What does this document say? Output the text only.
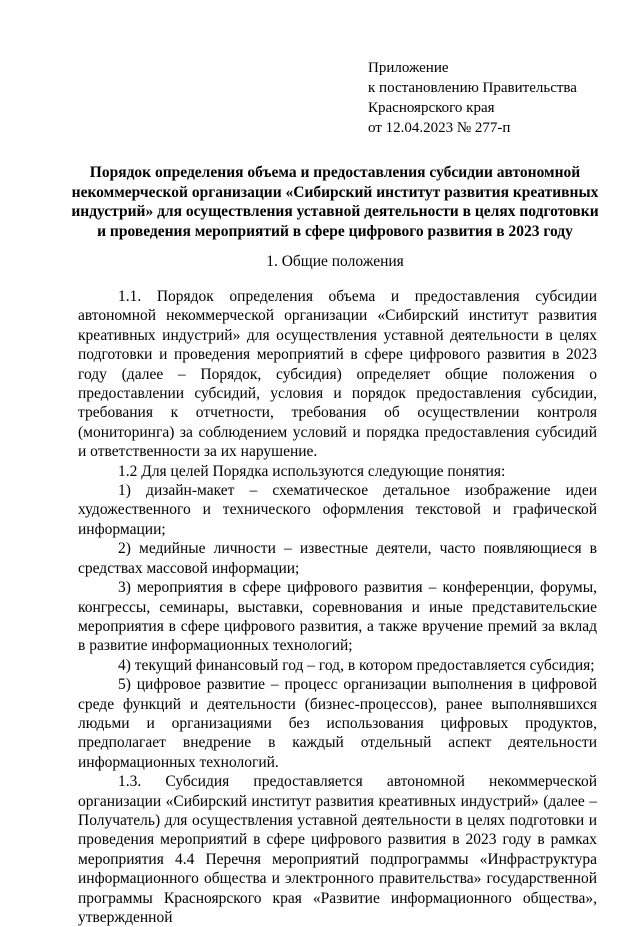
Приложение
к постановлению Правительства
Красноярского края
от 12.04.2023 № 277-п
Порядок определения объема и предоставления субсидии автономной некоммерческой организации «Сибирский институт развития креативных индустрий» для осуществления уставной деятельности в целях подготовки и проведения мероприятий в сфере цифрового развития в 2023 году
1. Общие положения

1.1. Порядок определения объема и предоставления субсидии автономной некоммерческой организации «Сибирский институт развития креативных индустрий» для осуществления уставной деятельности в целях подготовки и проведения мероприятий в сфере цифрового развития в 2023 году (далее – Порядок, субсидия) определяет общие положения о предоставлении субсидий, условия и порядок предоставления субсидии, требования к отчетности, требования об осуществлении контроля (мониторинга) за соблюдением условий и порядка предоставления субсидий и ответственности за их нарушение.

1.2 Для целей Порядка используются следующие понятия:

1) дизайн-макет – схематическое детальное изображение идеи художественного и технического оформления текстовой и графической информации;

2) медийные личности – известные деятели, часто появляющиеся в средствах массовой информации;

3) мероприятия в сфере цифрового развития – конференции, форумы, конгрессы, семинары, выставки, соревнования и иные представительские мероприятия в сфере цифрового развития, а также вручение премий за вклад в развитие информационных технологий;

4) текущий финансовый год – год, в котором предоставляется субсидия;

5) цифровое развитие – процесс организации выполнения в цифровой среде функций и деятельности (бизнес-процессов), ранее выполнявшихся людьми и организациями без использования цифровых продуктов, предполагает внедрение в каждый отдельный аспект деятельности информационных технологий.

1.3. Субсидия предоставляется автономной некоммерческой организации «Сибирский институт развития креативных индустрий» (далее – Получатель) для осуществления уставной деятельности в целях подготовки и проведения мероприятий в сфере цифрового развития в 2023 году в рамках мероприятия 4.4 Перечня мероприятий подпрограммы «Инфраструктура информационного общества и электронного правительства» государственной программы Красноярского края «Развитие информационного общества», утвержденной
